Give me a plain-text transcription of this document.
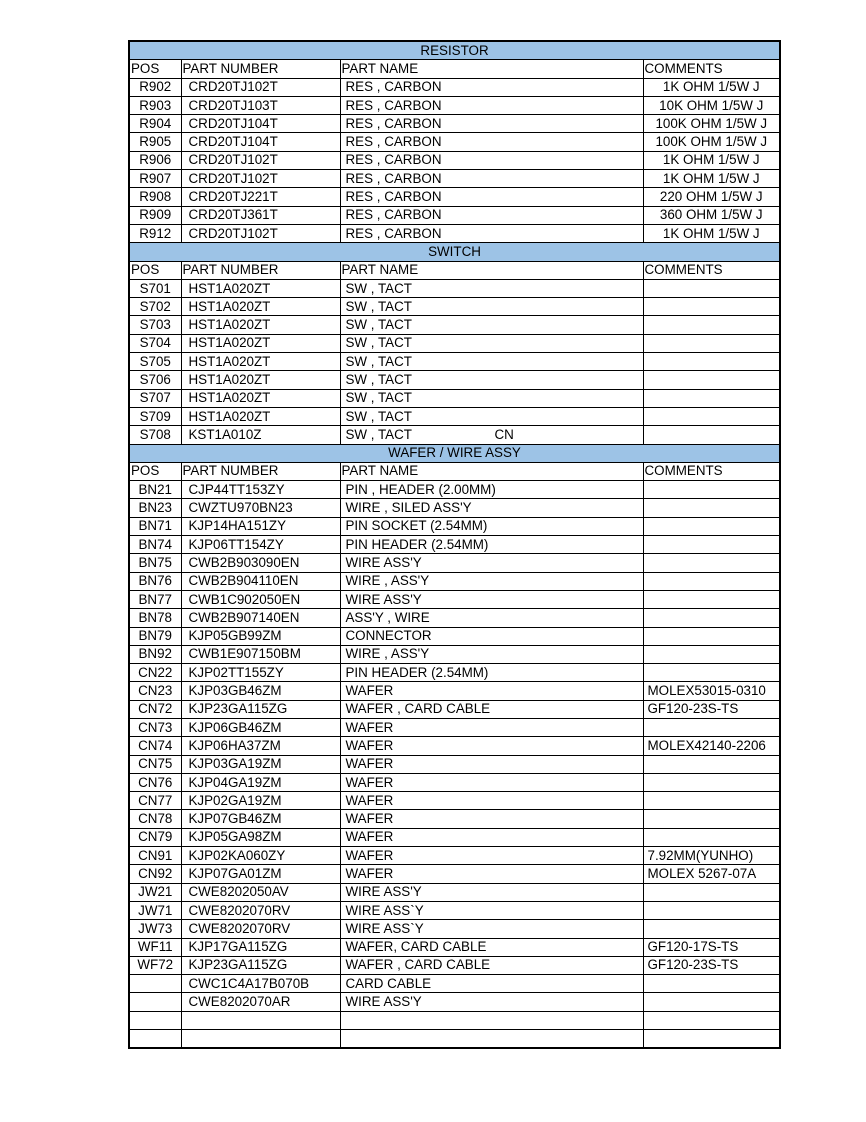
RESISTOR			
POS	PART NUMBER	PART NAME	COMMENTS
R902	CRD20TJ102T	RES , CARBON	1K OHM 1/5W J
R903	CRD20TJ103T	RES , CARBON	10K OHM 1/5W J
R904	CRD20TJ104T	RES , CARBON	100K OHM 1/5W J
R905	CRD20TJ104T	RES , CARBON	100K OHM 1/5W J
R906	CRD20TJ102T	RES , CARBON	1K OHM 1/5W J
R907	CRD20TJ102T	RES , CARBON	1K OHM 1/5W J
R908	CRD20TJ221T	RES , CARBON	220 OHM 1/5W J
R909	CRD20TJ361T	RES , CARBON	360 OHM 1/5W J
R912	CRD20TJ102T	RES , CARBON	1K OHM 1/5W J
SWITCH			
POS	PART NUMBER	PART NAME	COMMENTS
S701	HST1A020ZT	SW , TACT	
S702	HST1A020ZT	SW , TACT	
S703	HST1A020ZT	SW , TACT	
S704	HST1A020ZT	SW , TACT	
S705	HST1A020ZT	SW , TACT	
S706	HST1A020ZT	SW , TACT	
S707	HST1A020ZT	SW , TACT	
S709	HST1A020ZT	SW , TACT	
S708	KST1A010Z	SW , TACT CN	

WAFER / WIRE ASSY			
POS	PART NUMBER	PART NAME	COMMENTS
BN21	CJP44TT153ZY	PIN , HEADER (2.00MM)	
BN23	CWZTU970BN23	WIRE , SILED ASS'Y	
BN71	KJP14HA151ZY	PIN SOCKET (2.54MM)	
BN74	KJP06TT154ZY	PIN HEADER (2.54MM)	
BN75	CWB2B903090EN	WIRE ASS'Y	
BN76	CWB2B904110EN	WIRE , ASS'Y	
BN77	CWB1C902050EN	WIRE ASS'Y	
BN78	CWB2B907140EN	ASS'Y , WIRE	
BN79	KJP05GB99ZM	CONNECTOR	
BN92	CWB1E907150BM	WIRE , ASS'Y	
CN22	KJP02TT155ZY	PIN HEADER (2.54MM)	
CN23	KJP03GB46ZM	WAFER	MOLEX53015-0310
CN72	KJP23GA115ZG	WAFER , CARD CABLE	GF120-23S-TS
CN73	KJP06GB46ZM	WAFER	
CN74	KJP06HA37ZM	WAFER	MOLEX42140-2206
CN75	KJP03GA19ZM	WAFER	
CN76	KJP04GA19ZM	WAFER	
CN77	KJP02GA19ZM	WAFER	
CN78	KJP07GB46ZM	WAFER	
CN79	KJP05GA98ZM	WAFER	
CN91	KJP02KA060ZY	WAFER	7.92MM(YUNHO)
CN92	KJP07GA01ZM	WAFER	MOLEX 5267-07A
JW21	CWE8202050AV	WIRE ASS'Y	
JW71	CWE8202070RV	WIRE ASS`Y	
JW73	CWE8202070RV	WIRE ASS`Y	
WF11	KJP17GA115ZG	WAFER, CARD CABLE	GF120-17S-TS
WF72	KJP23GA115ZG	WAFER , CARD CABLE	GF120-23S-TS
	CWC1C4A17B070B	CARD CABLE	
	CWE8202070AR	WIRE ASS'Y	
